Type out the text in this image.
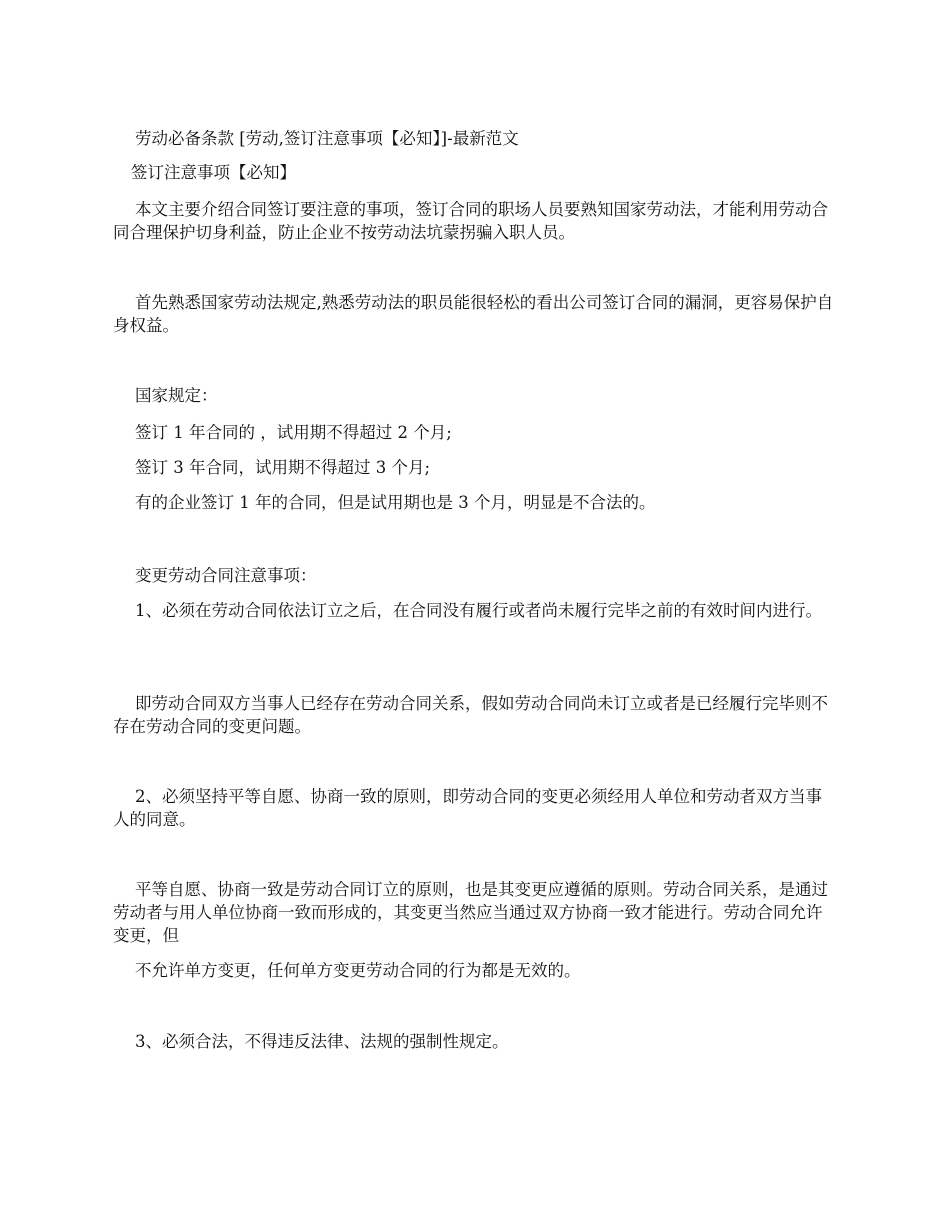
劳动必备条款 [劳动,签订注意事项【必知】]-最新范文

签订注意事项【必知】

本文主要介绍合同签订要注意的事项，签订合同的职场人员要熟知国家劳动法，才能利用劳动合同合理保护切身利益，防止企业不按劳动法坑蒙拐骗入职人员。

首先熟悉国家劳动法规定,熟悉劳动法的职员能很轻松的看出公司签订合同的漏洞，更容易保护自身权益。

国家规定：

签订 1 年合同的 ，试用期不得超过 2 个月;

签订 3 年合同，试用期不得超过 3 个月;

有的企业签订 1 年的合同，但是试用期也是 3 个月，明显是不合法的。

变更劳动合同注意事项：

1、必须在劳动合同依法订立之后，在合同没有履行或者尚未履行完毕之前的有效时间内进行。

即劳动合同双方当事人已经存在劳动合同关系，假如劳动合同尚未订立或者是已经履行完毕则不存在劳动合同的变更问题。

2、必须坚持平等自愿、协商一致的原则，即劳动合同的变更必须经用人单位和劳动者双方当事人的同意。

平等自愿、协商一致是劳动合同订立的原则，也是其变更应遵循的原则。劳动合同关系，是通过劳动者与用人单位协商一致而形成的，其变更当然应当通过双方协商一致才能进行。劳动合同允许变更，但

不允许单方变更，任何单方变更劳动合同的行为都是无效的。

3、必须合法，不得违反法律、法规的强制性规定。
